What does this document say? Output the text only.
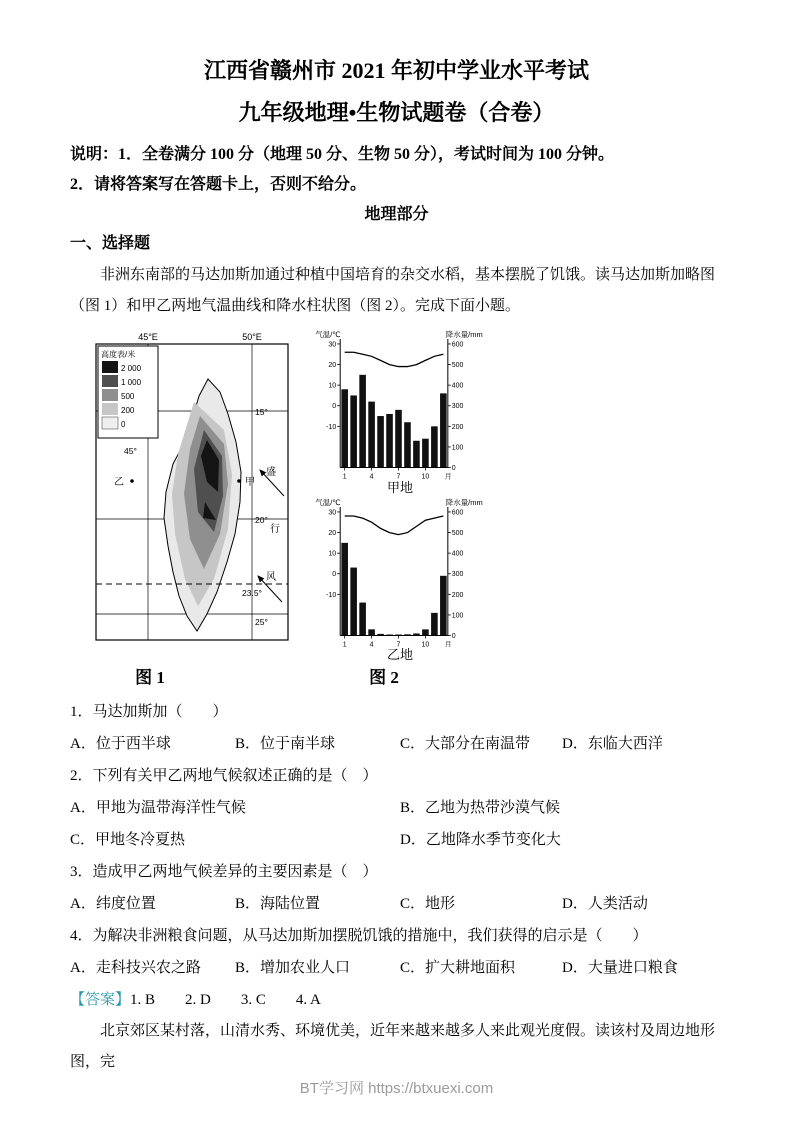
江西省赣州市 2021 年初中学业水平考试
九年级地理•生物试题卷（合卷）
说明：1．全卷满分 100 分（地理 50 分、生物 50 分），考试时间为 100 分钟。
2．请将答案写在答题卡上，否则不给分。
地理部分
一、选择题

非洲东南部的马达加斯加通过种植中国培育的杂交水稻，基本摆脱了饥饿。读马达加斯加略图（图 1）和甲乙两地气温曲线和降水柱状图（图 2）。完成下面小题。

45°E	50°E
高度表/米
2 000
1 000
500
200
0
45°
15°
20°
23.5°
25°
乙	甲
盛
行
风
图 1
气温/℃	降水量/mm
30
20
10
0
-10
600
500
400
300
200
100
0
1	4	7	10 月
甲地
气温/℃	降水量/mm
30
20
10
0
-10
600
500
400
300
200
100
0
1	4	7	10 月
乙地
图 2
1．马达加斯加（　　）
A．位于西半球	B．位于南半球	C．大部分在南温带	D．东临大西洋
2．下列有关甲乙两地气候叙述正确的是（　）
A．甲地为温带海洋性气候	B．乙地为热带沙漠气候
C．甲地冬冷夏热	D．乙地降水季节变化大
3．造成甲乙两地气候差异的主要因素是（　）
A．纬度位置	B．海陆位置	C．地形	D．人类活动
4．为解决非洲粮食问题，从马达加斯加摆脱饥饿的措施中，我们获得的启示是（　　）
A．走科技兴农之路	B．增加农业人口	C．扩大耕地面积	D．大量进口粮食
【答案】1. B　　2. D　　3. C　　4. A

北京郊区某村落，山清水秀、环境优美，近年来越来越多人来此观光度假。读该村及周边地形图，完

BT学习网 https://btxuexi.com
